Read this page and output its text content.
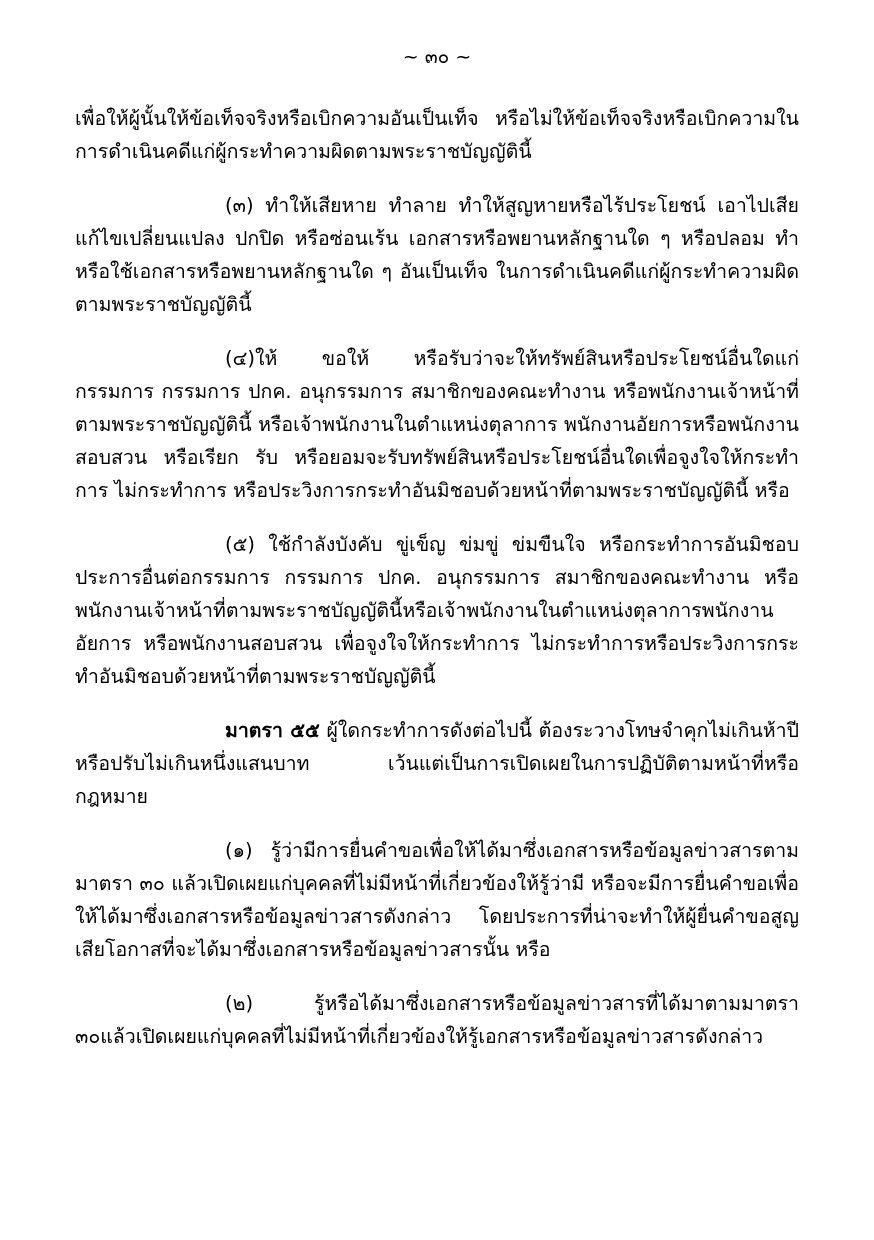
~ ๓๐ ~

เพื่อให้ผู้นั้นให้ข้อเท็จจริงหรือเบิกความอันเป็นเท็จ หรือไม่ให้ข้อเท็จจริงหรือเบิกความในการดำเนินคดีแก่ผู้กระทำความผิดตามพระราชบัญญัตินี้

(๓) ทำให้เสียหาย ทำลาย ทำให้สูญหายหรือไร้ประโยชน์ เอาไปเสีย แก้ไขเปลี่ยนแปลง ปกปิด หรือซ่อนเร้น เอกสารหรือพยานหลักฐานใด ๆ หรือปลอม ทำ หรือใช้เอกสารหรือพยานหลักฐานใด ๆ อันเป็นเท็จ ในการดำเนินคดีแก่ผู้กระทำความผิดตามพระราชบัญญัตินี้

(๔)ให้ ขอให้ หรือรับว่าจะให้ทรัพย์สินหรือประโยชน์อื่นใดแก่กรรมการ กรรมการ ปกค. อนุกรรมการ สมาชิกของคณะทำงาน หรือพนักงานเจ้าหน้าที่ตามพระราชบัญญัตินี้ หรือเจ้าพนักงานในตำแหน่งตุลาการ พนักงานอัยการหรือพนักงานสอบสวน หรือเรียก รับ หรือยอมจะรับทรัพย์สินหรือประโยชน์อื่นใดเพื่อจูงใจให้กระทำการ ไม่กระทำการ หรือประวิงการกระทำอันมิชอบด้วยหน้าที่ตามพระราชบัญญัตินี้ หรือ

(๕) ใช้กำลังบังคับ ขู่เข็ญ ข่มขู่ ข่มขืนใจ หรือกระทำการอันมิชอบประการอื่นต่อกรรมการ กรรมการ ปกค. อนุกรรมการ สมาชิกของคณะทำงาน หรือพนักงานเจ้าหน้าที่ตามพระราชบัญญัตินี้หรือเจ้าพนักงานในตำแหน่งตุลาการพนักงานอัยการ หรือพนักงานสอบสวน เพื่อจูงใจให้กระทำการ ไม่กระทำการหรือประวิงการกระทำอันมิชอบด้วยหน้าที่ตามพระราชบัญญัตินี้

มาตรา ๕๕ ผู้ใดกระทำการดังต่อไปนี้ ต้องระวางโทษจำคุกไม่เกินห้าปี หรือปรับไม่เกินหนึ่งแสนบาท เว้นแต่เป็นการเปิดเผยในการปฏิบัติตามหน้าที่หรือกฎหมาย

(๑) รู้ว่ามีการยื่นคำขอเพื่อให้ได้มาซึ่งเอกสารหรือข้อมูลข่าวสารตามมาตรา ๓๐ แล้วเปิดเผยแก่บุคคลที่ไม่มีหน้าที่เกี่ยวข้องให้รู้ว่ามี หรือจะมีการยื่นคำขอเพื่อให้ได้มาซึ่งเอกสารหรือข้อมูลข่าวสารดังกล่าว โดยประการที่น่าจะทำให้ผู้ยื่นคำขอสูญเสียโอกาสที่จะได้มาซึ่งเอกสารหรือข้อมูลข่าวสารนั้น หรือ

(๒) รู้หรือได้มาซึ่งเอกสารหรือข้อมูลข่าวสารที่ได้มาตามมาตรา ๓๐แล้วเปิดเผยแก่บุคคลที่ไม่มีหน้าที่เกี่ยวข้องให้รู้เอกสารหรือข้อมูลข่าวสารดังกล่าว
